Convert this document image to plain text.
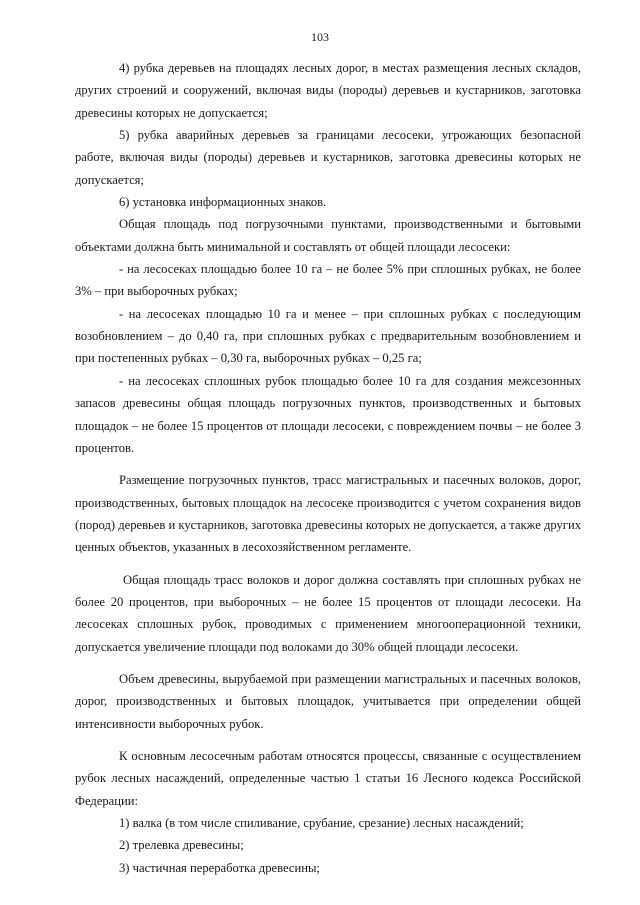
103

4) рубка деревьев на площадях лесных дорог, в местах размещения лесных складов, других строений и сооружений, включая виды (породы) деревьев и кустарников, заготовка древесины которых не допускается;

5) рубка аварийных деревьев за границами лесосеки, угрожающих безопасной работе, включая виды (породы) деревьев и кустарников, заготовка древесины которых не допускается;

6) установка информационных знаков.

Общая площадь под погрузочными пунктами, производственными и бытовыми объектами должна быть минимальной и составлять от общей площади лесосеки:

- на лесосеках площадью более 10 га – не более 5% при сплошных рубках, не более 3% – при выборочных рубках;

- на лесосеках площадью 10 га и менее – при сплошных рубках с последующим возобновлением – до 0,40 га, при сплошных рубках с предварительным возобновлением и при постепенных рубках – 0,30 га, выборочных рубках – 0,25 га;

- на лесосеках сплошных рубок площадью более 10 га для создания межсезонных запасов древесины общая площадь погрузочных пунктов, производственных и бытовых площадок – не более 15 процентов от площади лесосеки, с повреждением почвы – не более 3 процентов.

Размещение погрузочных пунктов, трасс магистральных и пасечных волоков, дорог, производственных, бытовых площадок на лесосеке производится с учетом сохранения видов (пород) деревьев и кустарников, заготовка древесины которых не допускается, а также других ценных объектов, указанных в лесохозяйственном регламенте.

Общая площадь трасс волоков и дорог должна составлять при сплошных рубках не более 20 процентов, при выборочных – не более 15 процентов от площади лесосеки. На лесосеках сплошных рубок, проводимых с применением многооперационной техники, допускается увеличение площади под волоками до 30% общей площади лесосеки.

Объем древесины, вырубаемой при размещении магистральных и пасечных волоков, дорог, производственных и бытовых площадок, учитывается при определении общей интенсивности выборочных рубок.

К основным лесосечным работам относятся процессы, связанные с осуществлением рубок лесных насаждений, определенные частью 1 статьи 16 Лесного кодекса Российской Федерации:

1) валка (в том числе спиливание, срубание, срезание) лесных насаждений;

2) трелевка древесины;

3) частичная переработка древесины;
